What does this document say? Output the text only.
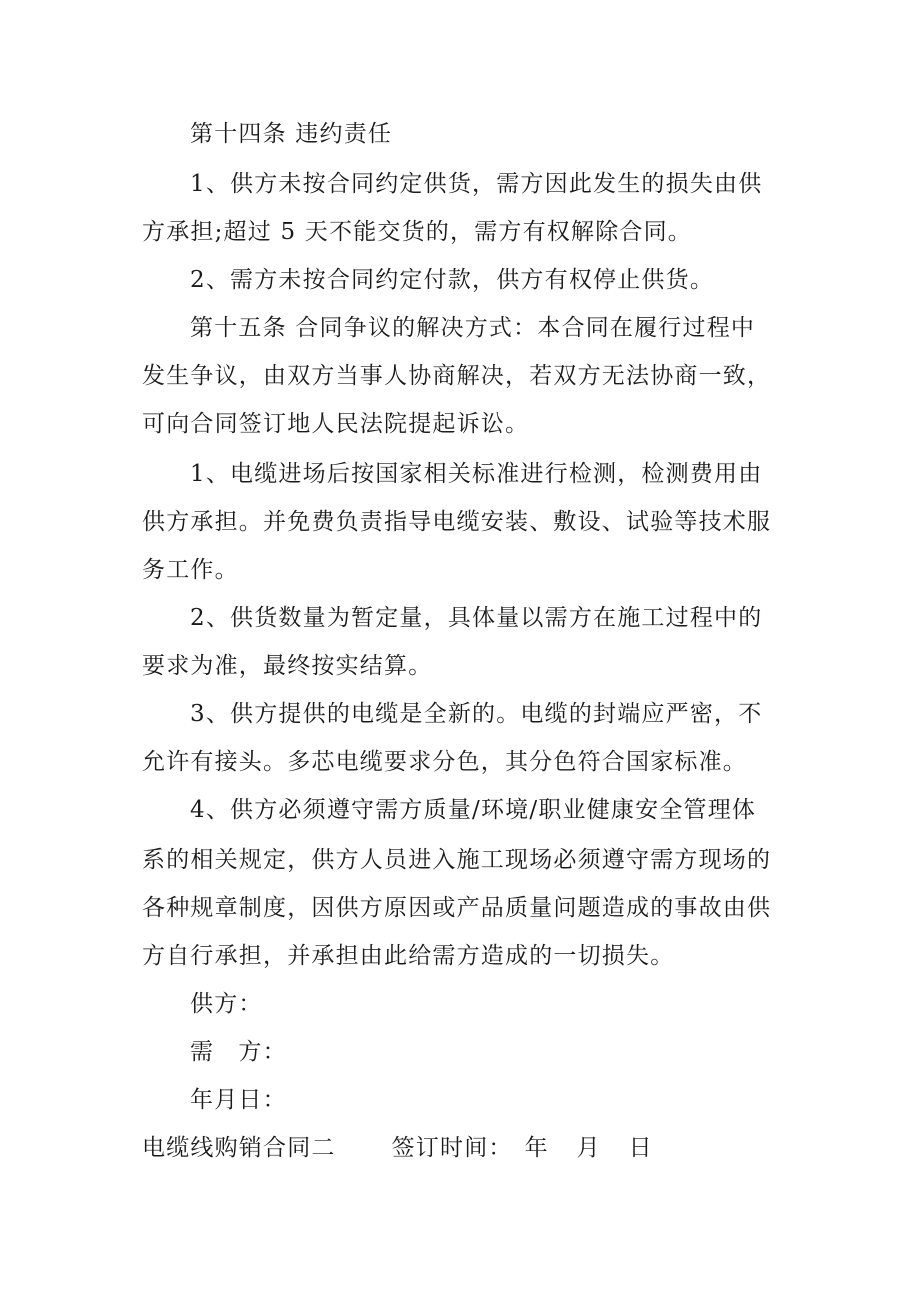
第十四条 违约责任
1、供方未按合同约定供货，需方因此发生的损失由供
方承担;超过 5 天不能交货的，需方有权解除合同。
2、需方未按合同约定付款，供方有权停止供货。
第十五条 合同争议的解决方式：本合同在履行过程中
发生争议，由双方当事人协商解决，若双方无法协商一致，
可向合同签订地人民法院提起诉讼。
1、电缆进场后按国家相关标准进行检测，检测费用由
供方承担。并免费负责指导电缆安装、敷设、试验等技术服
务工作。
2、供货数量为暂定量，具体量以需方在施工过程中的
要求为准，最终按实结算。
3、供方提供的电缆是全新的。电缆的封端应严密，不
允许有接头。多芯电缆要求分色，其分色符合国家标准。
4、供方必须遵守需方质量/环境/职业健康安全管理体
系的相关规定，供方人员进入施工现场必须遵守需方现场的
各种规章制度，因供方原因或产品质量问题造成的事故由供
方自行承担，并承担由此给需方造成的一切损失。
供方：
需　方：
年月日：
电缆线购销合同二 签订时间： 年　月　日
